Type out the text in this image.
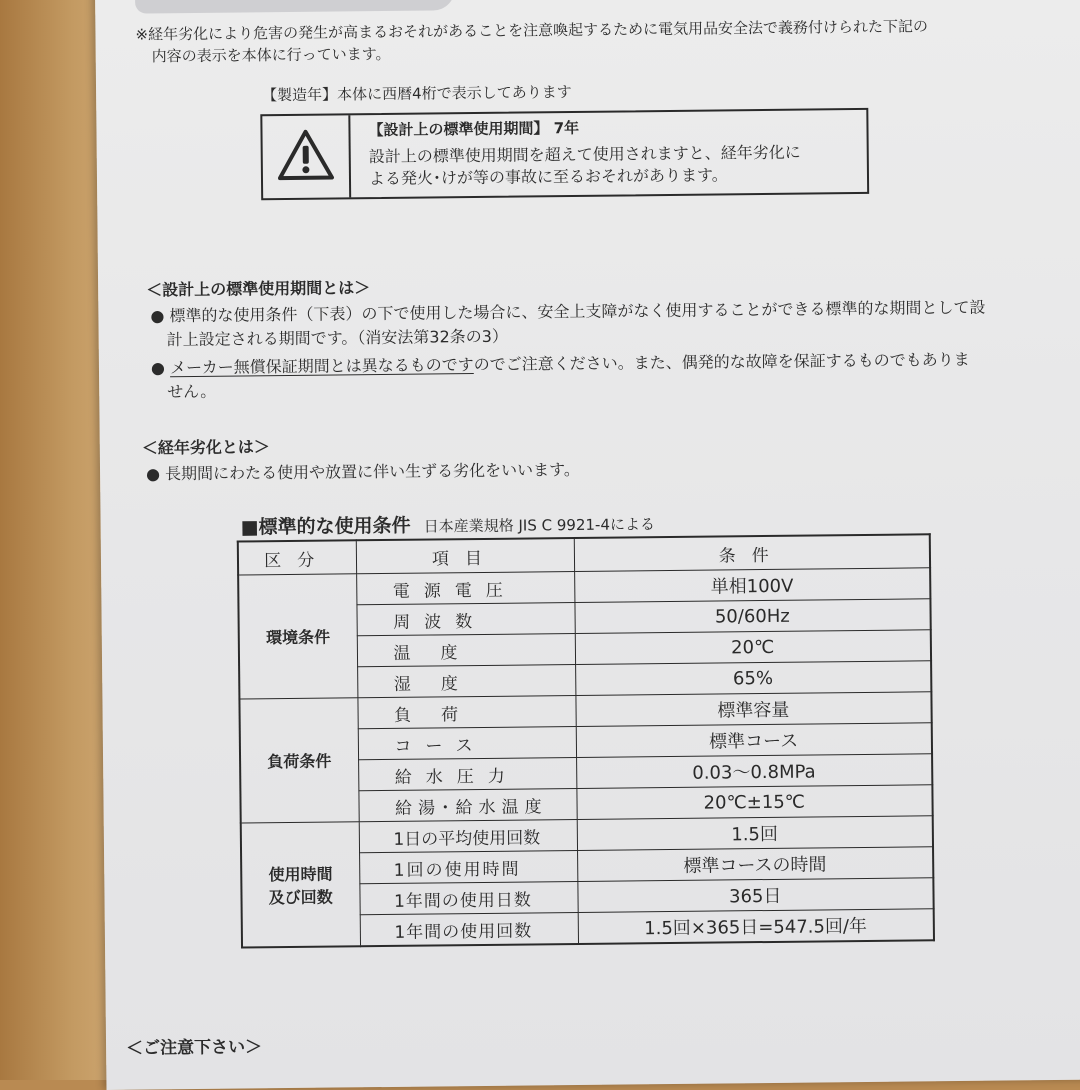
※経年劣化により危害の発生が高まるおそれがあることを注意喚起するために電気用品安全法で義務付けられた下記の
内容の表示を本体に行っています。
【製造年】本体に西暦4桁で表示してあります
【設計上の標準使用期間】 7年
設計上の標準使用期間を超えて使用されますと、経年劣化に
よる発火･けが等の事故に至るおそれがあります。
＜設計上の標準使用期間とは＞
● 標準的な使用条件（下表）の下で使用した場合に、安全上支障がなく使用することができる標準的な期間として設
計上設定される期間です。（消安法第32条の3）
● メーカー無償保証期間とは異なるものですのでご注意ください。また、偶発的な故障を保証するものでもありま
せん。
＜経年劣化とは＞
● 長期間にわたる使用や放置に伴い生ずる劣化をいいます。
■標準的な使用条件 日本産業規格 JIS C 9921-4による
区分	項目	条件
環境条件	電源電圧	単相100V
	周波数	50/60Hz
	温度	20℃
	湿度	65%
負荷条件	負荷	標準容量
	コース	標準コース
	給水圧力	0.03〜0.8MPa
	給湯･給水温度	20℃±15℃
使用時間
及び回数	1日の平均使用回数	1.5回
	1回の使用時間	標準コースの時間
	1年間の使用日数	365日
	1年間の使用回数	1.5回×365日=547.5回/年
＜ご注意下さい＞
